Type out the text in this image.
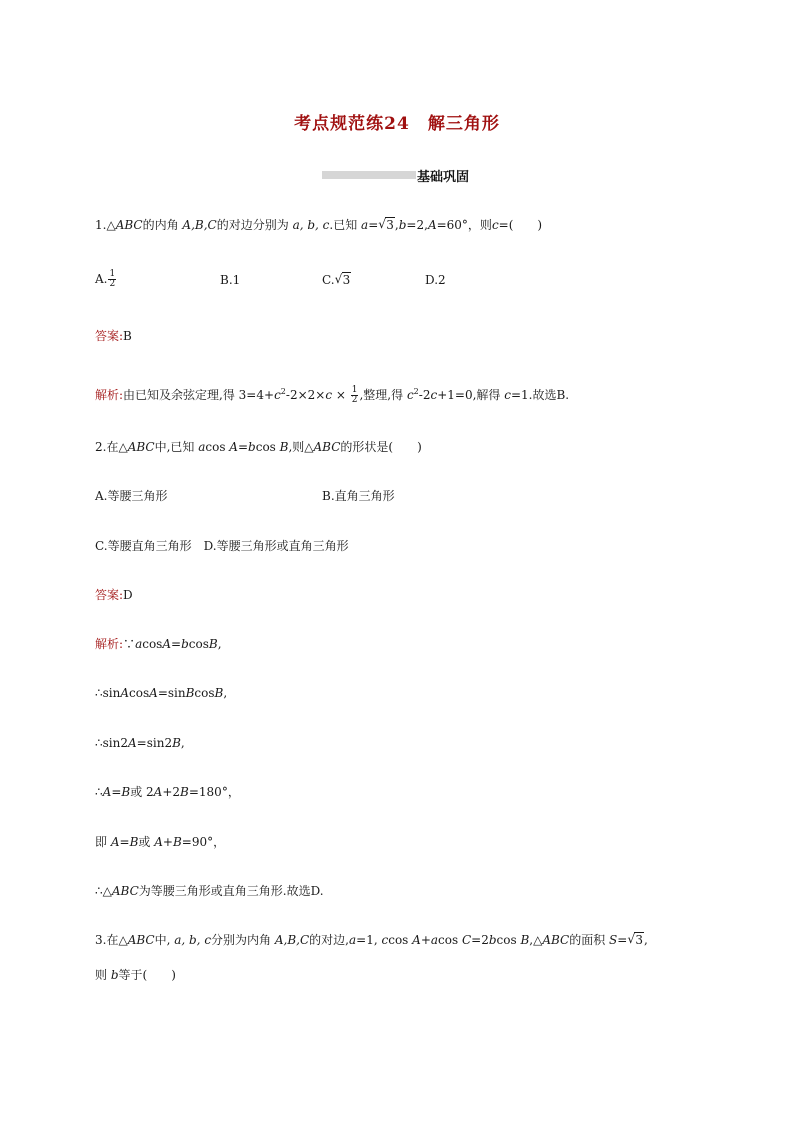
考点规范练24　解三角形
基础巩固
1.△ABC的内角 A,B,C的对边分别为 a, b, c.已知 a= √ 3,b=2,A=60°，则c=(　　)
A. $\frac{1}{2}$	B.1	C. √ 3	D.2
答案:B
解析:由已知及余弦定理,得 $3=4+c^2-2\times 2\times c \times \frac{1}{2}$ ,整理,得 $c^2-2c+1=0$,解得 c=1.故选B.
2.在△ABC中,已知 acos A=bcos B,则△ABC的形状是(　　)
A.等腰三角形	B.直角三角形
C.等腰直角三角形　D.等腰三角形或直角三角形
答案:D
解析:∵acosA=bcosB,
∴sinAcosA=sinBcosB,
∴sin2A=sin2B,
∴A=B或 2A+2B=180°，
即 A=B或 A+B=90°，
∴△ABC为等腰三角形或直角三角形.故选D.
3.在△ABC中, a, b, c分别为内角 A,B,C的对边,a=1, ccos A+acos C=2bcos B,△ABC的面积 S= √ 3,
则 b等于(　　)
